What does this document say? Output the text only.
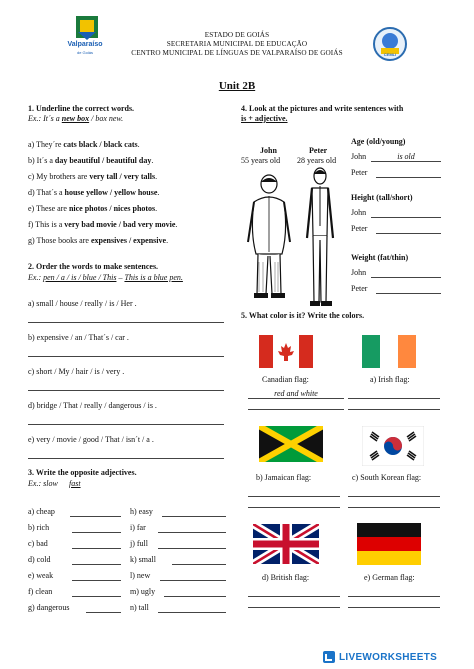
Valparaíso
de Goiás
ESTADO DE GOIÁS
SECRETARIA MUNICIPAL DE EDUCAÇÃO
CENTRO MUNICIPAL DE LÍNGUAS DE VALPARAÍSO DE GOIÁS	CEMLI
Unit 2B
1. Underline the correct words.
Ex.: It´s a new box / box new.
a) They´re cats black / black cats.
b) It´s a day beautiful / beautiful day.
c) My brothers are very tall / very talls.
d) That´s a house yellow / yellow house.
e) These are nice photos / nices photos.
f) This is a very bad movie / bad very movie.
g) Those books are expensives / expensive.
2. Order the words to make sentences.
Ex.: pen / a / is / blue / This – This is a blue pen.
a) small / house / really / is / Her .
b) expensive / an / That´s / car .
c) short / My / hair / is / very .
d) bridge / That / really / dangerous / is .
e) very / movie / good / That / isn´t / a .
3. Write the opposite adjectives.
Ex.: slow fast
a) cheap
b) rich
c) bad
d) cold
e) weak
f) clean
g) dangerous
h) easy
i) far
j) full
k) small
l) new
m) ugly
n) tall
4. Look at the pictures and write sentences with
is + adjective.
John
55 years old
Peter
28 years old
Age (old/young)
John	is old
Peter
Height (tall/short)
John
Peter
Weight (fat/thin)
John
Peter
5. What color is it? Write the colors.
Canadian flag:
red and white
a) Irish flag:
b) Jamaican flag:	c) South Korean flag:
d) British flag:	e) German flag:
LIVEWORKSHEETS
